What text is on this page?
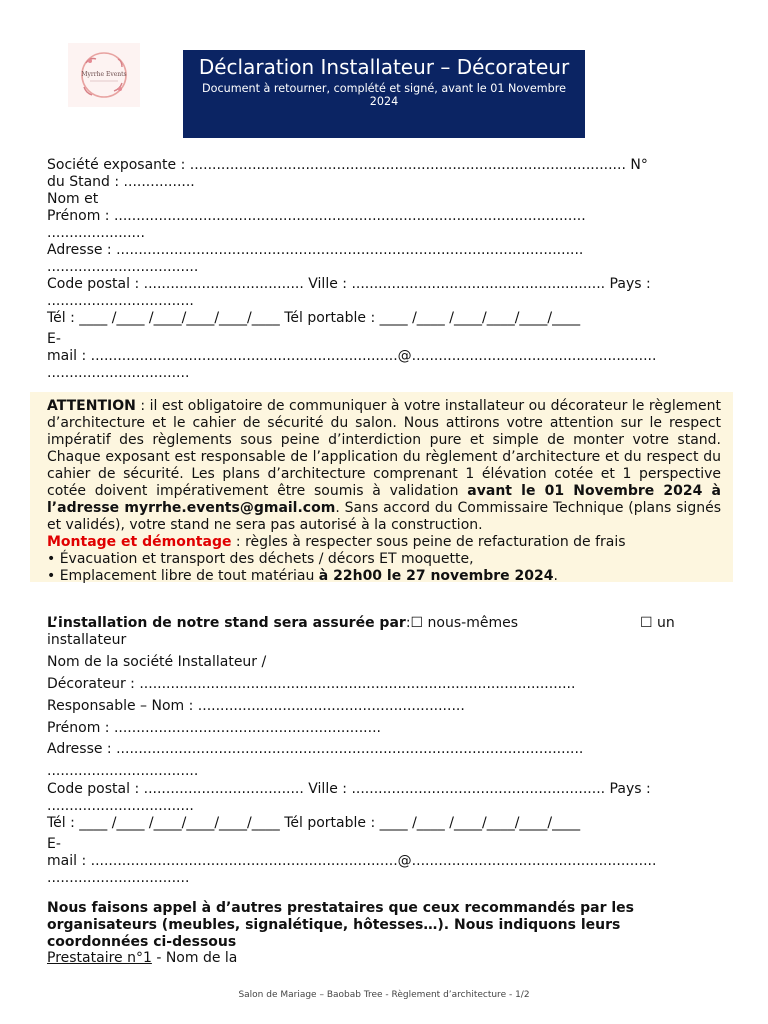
Myrrhe Events	Déclaration Installateur – Décorateur
Document à retourner, complété et signé, avant le 01 Novembre 2024
Société exposante : .................................................................................................. N°
du Stand : ................
Nom et
Prénom : ..........................................................................................................
......................
Adresse : .........................................................................................................
..................................
Code postal : .................................... Ville : ......................................................... Pays :
.................................
Tél : ____ /____ /____/____/____/____ Tél portable : ____ /____ /____/____/____/____
E-
mail : .....................................................................@.......................................................
................................
ATTENTION : il est obligatoire de communiquer à votre installateur ou décorateur le règlement d’architecture et le cahier de sécurité du salon. Nous attirons votre attention sur le respect impératif des règlements sous peine d’interdiction pure et simple de monter votre stand. Chaque exposant est responsable de l’application du règlement d’architecture et du respect du cahier de sécurité. Les plans d’architecture comprenant 1 élévation cotée et 1 perspective cotée doivent impérativement être soumis à validation avant le 01 Novembre 2024 à l’adresse myrrhe.events@gmail.com. Sans accord du Commissaire Technique (plans signés et validés), votre stand ne sera pas autorisé à la construction.
Montage et démontage : règles à respecter sous peine de refacturation de frais
• Évacuation et transport des déchets / décors ET moquette,
• Emplacement libre de tout matériau à 22h00 le 27 novembre 2024.
L’installation de notre stand sera assurée par:☐ nous-mêmes	☐ un
installateur
Nom de la société Installateur /
Décorateur : ..................................................................................................
Responsable – Nom : ............................................................
Prénom : ............................................................
Adresse : .........................................................................................................
..................................
Code postal : .................................... Ville : ......................................................... Pays :
.................................
Tél : ____ /____ /____/____/____/____ Tél portable : ____ /____ /____/____/____/____
E-
mail : .....................................................................@.......................................................
................................
Nous faisons appel à d’autres prestataires que ceux recommandés par les organisateurs (meubles, signalétique, hôtesses…). Nous indiquons leurs coordonnées ci-dessous
Prestataire n°1 - Nom de la
Salon de Mariage – Baobab Tree - Règlement d’architecture - 1/2
